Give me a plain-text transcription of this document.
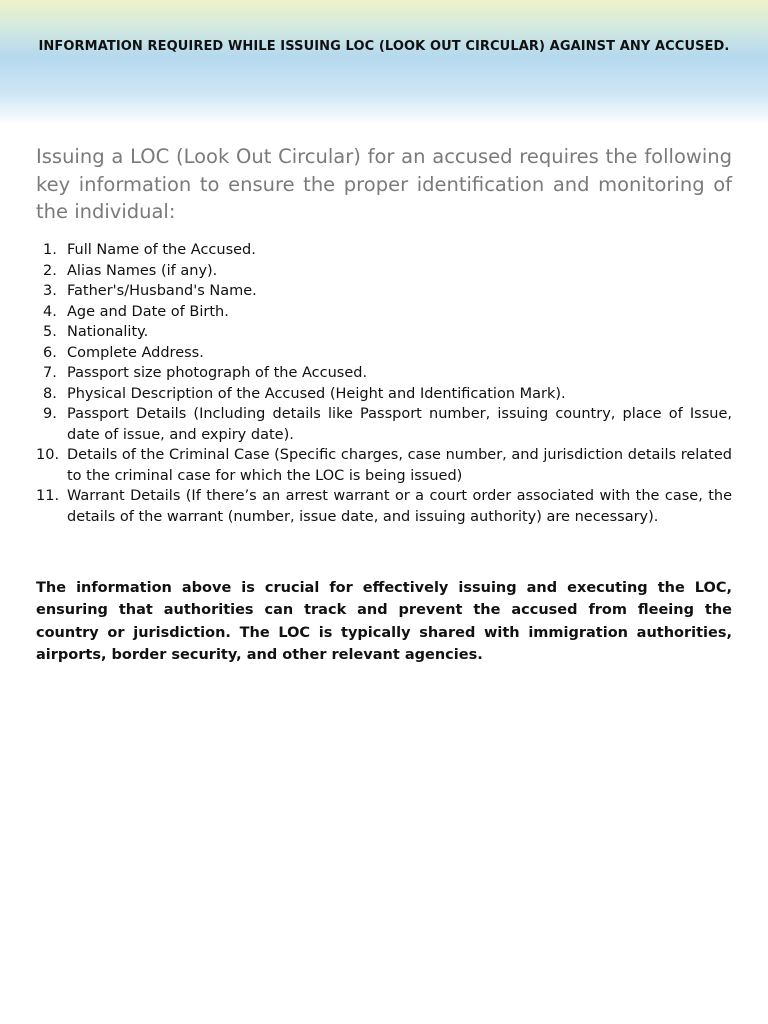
INFORMATION REQUIRED WHILE ISSUING LOC (LOOK OUT CIRCULAR) AGAINST ANY ACCUSED.

Issuing a LOC (Look Out Circular) for an accused requires the following key information to ensure the proper identification and monitoring of the individual:

1. Full Name of the Accused.
2. Alias Names (if any).
3. Father's/Husband's Name.
4. Age and Date of Birth.
5. Nationality.
6. Complete Address.
7. Passport size photograph of the Accused.
8. Physical Description of the Accused (Height and Identification Mark).
9. Passport Details (Including details like Passport number, issuing country, place of Issue, date of issue, and expiry date).
10. Details of the Criminal Case (Specific charges, case number, and jurisdiction details related to the criminal case for which the LOC is being issued)
11. Warrant Details (If there’s an arrest warrant or a court order associated with the case, the details of the warrant (number, issue date, and issuing authority) are necessary).

The information above is crucial for effectively issuing and executing the LOC, ensuring that authorities can track and prevent the accused from fleeing the country or jurisdiction. The LOC is typically shared with immigration authorities, airports, border security, and other relevant agencies.
